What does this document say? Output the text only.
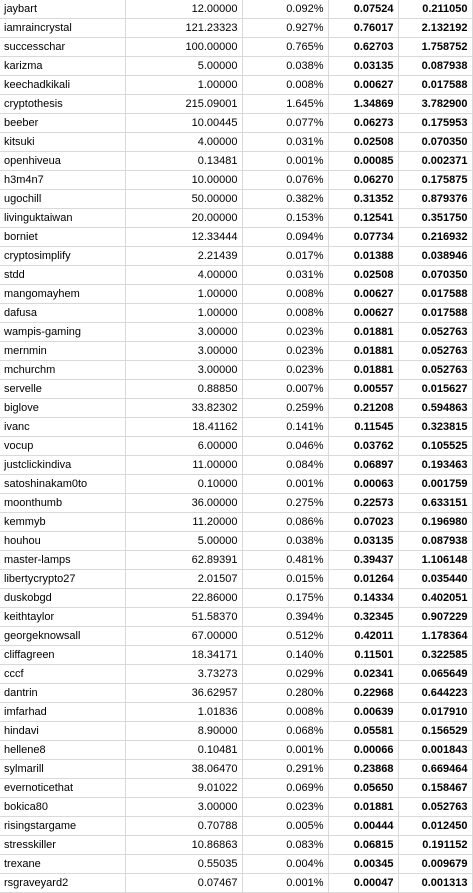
jaybart	12.00000	0.092%	0.07524	0.211050
iamraincrystal	121.23323	0.927%	0.76017	2.132192
successchar	100.00000	0.765%	0.62703	1.758752
karizma	5.00000	0.038%	0.03135	0.087938
keechadkikali	1.00000	0.008%	0.00627	0.017588
cryptothesis	215.09001	1.645%	1.34869	3.782900
beeber	10.00445	0.077%	0.06273	0.175953
kitsuki	4.00000	0.031%	0.02508	0.070350
openhiveua	0.13481	0.001%	0.00085	0.002371
h3m4n7	10.00000	0.076%	0.06270	0.175875
ugochill	50.00000	0.382%	0.31352	0.879376
livinguktaiwan	20.00000	0.153%	0.12541	0.351750
borniet	12.33444	0.094%	0.07734	0.216932
cryptosimplify	2.21439	0.017%	0.01388	0.038946
stdd	4.00000	0.031%	0.02508	0.070350
mangomayhem	1.00000	0.008%	0.00627	0.017588
dafusa	1.00000	0.008%	0.00627	0.017588
wampis-gaming	3.00000	0.023%	0.01881	0.052763
mernmin	3.00000	0.023%	0.01881	0.052763
mchurchm	3.00000	0.023%	0.01881	0.052763
servelle	0.88850	0.007%	0.00557	0.015627
biglove	33.82302	0.259%	0.21208	0.594863
ivanc	18.41162	0.141%	0.11545	0.323815
vocup	6.00000	0.046%	0.03762	0.105525
justclickindiva	11.00000	0.084%	0.06897	0.193463
satoshinakam0to	0.10000	0.001%	0.00063	0.001759
moonthumb	36.00000	0.275%	0.22573	0.633151
kemmyb	11.20000	0.086%	0.07023	0.196980
houhou	5.00000	0.038%	0.03135	0.087938
master-lamps	62.89391	0.481%	0.39437	1.106148
libertycrypto27	2.01507	0.015%	0.01264	0.035440
duskobgd	22.86000	0.175%	0.14334	0.402051
keithtaylor	51.58370	0.394%	0.32345	0.907229
georgeknowsall	67.00000	0.512%	0.42011	1.178364
cliffagreen	18.34171	0.140%	0.11501	0.322585
cccf	3.73273	0.029%	0.02341	0.065649
dantrin	36.62957	0.280%	0.22968	0.644223
imfarhad	1.01836	0.008%	0.00639	0.017910
hindavi	8.90000	0.068%	0.05581	0.156529
hellene8	0.10481	0.001%	0.00066	0.001843
sylmarill	38.06470	0.291%	0.23868	0.669464
evernoticethat	9.01022	0.069%	0.05650	0.158467
bokica80	3.00000	0.023%	0.01881	0.052763
risingstargame	0.70788	0.005%	0.00444	0.012450
stresskiller	10.86863	0.083%	0.06815	0.191152
trexane	0.55035	0.004%	0.00345	0.009679
rsgraveyard2	0.07467	0.001%	0.00047	0.001313
